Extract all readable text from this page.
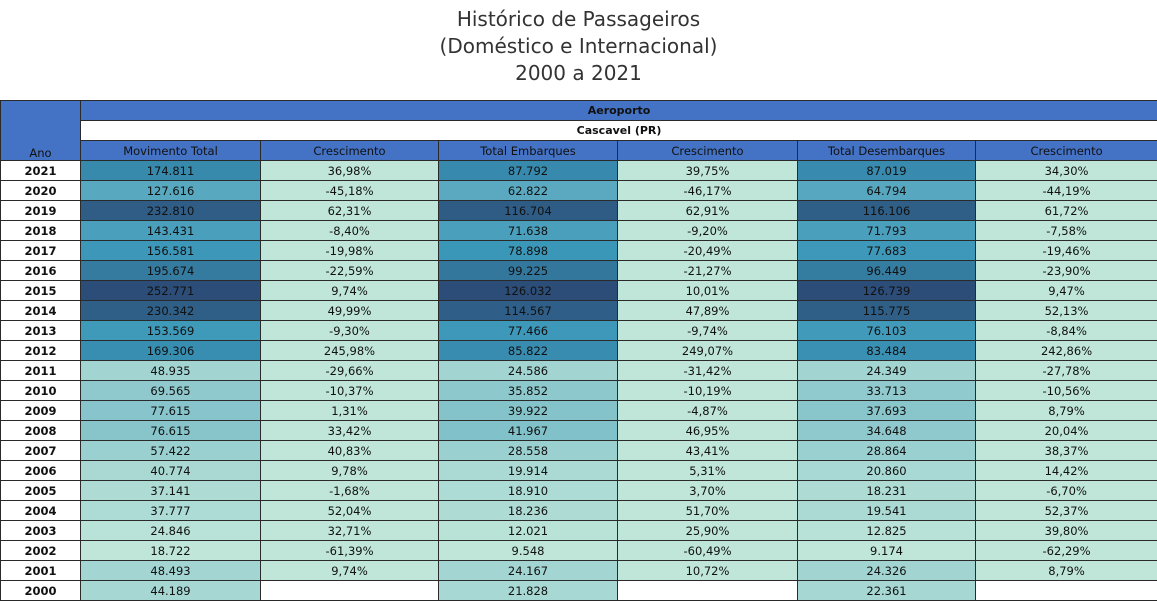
Histórico de Passageiros
(Doméstico e Internacional)
2000 a 2021
Ano	Aeroporto					
	Cascavel (PR)					
	Movimento Total	Crescimento	Total Embarques	Crescimento	Total Desembarques	Crescimento
2021	174.811	36,98%	87.792	39,75%	87.019	34,30%
2020	127.616	-45,18%	62.822	-46,17%	64.794	-44,19%
2019	232.810	62,31%	116.704	62,91%	116.106	61,72%
2018	143.431	-8,40%	71.638	-9,20%	71.793	-7,58%
2017	156.581	-19,98%	78.898	-20,49%	77.683	-19,46%
2016	195.674	-22,59%	99.225	-21,27%	96.449	-23,90%
2015	252.771	9,74%	126.032	10,01%	126.739	9,47%
2014	230.342	49,99%	114.567	47,89%	115.775	52,13%
2013	153.569	-9,30%	77.466	-9,74%	76.103	-8,84%
2012	169.306	245,98%	85.822	249,07%	83.484	242,86%
2011	48.935	-29,66%	24.586	-31,42%	24.349	-27,78%
2010	69.565	-10,37%	35.852	-10,19%	33.713	-10,56%
2009	77.615	1,31%	39.922	-4,87%	37.693	8,79%
2008	76.615	33,42%	41.967	46,95%	34.648	20,04%
2007	57.422	40,83%	28.558	43,41%	28.864	38,37%
2006	40.774	9,78%	19.914	5,31%	20.860	14,42%
2005	37.141	-1,68%	18.910	3,70%	18.231	-6,70%
2004	37.777	52,04%	18.236	51,70%	19.541	52,37%
2003	24.846	32,71%	12.021	25,90%	12.825	39,80%
2002	18.722	-61,39%	9.548	-60,49%	9.174	-62,29%
2001	48.493	9,74%	24.167	10,72%	24.326	8,79%
2000	44.189		21.828		22.361	
